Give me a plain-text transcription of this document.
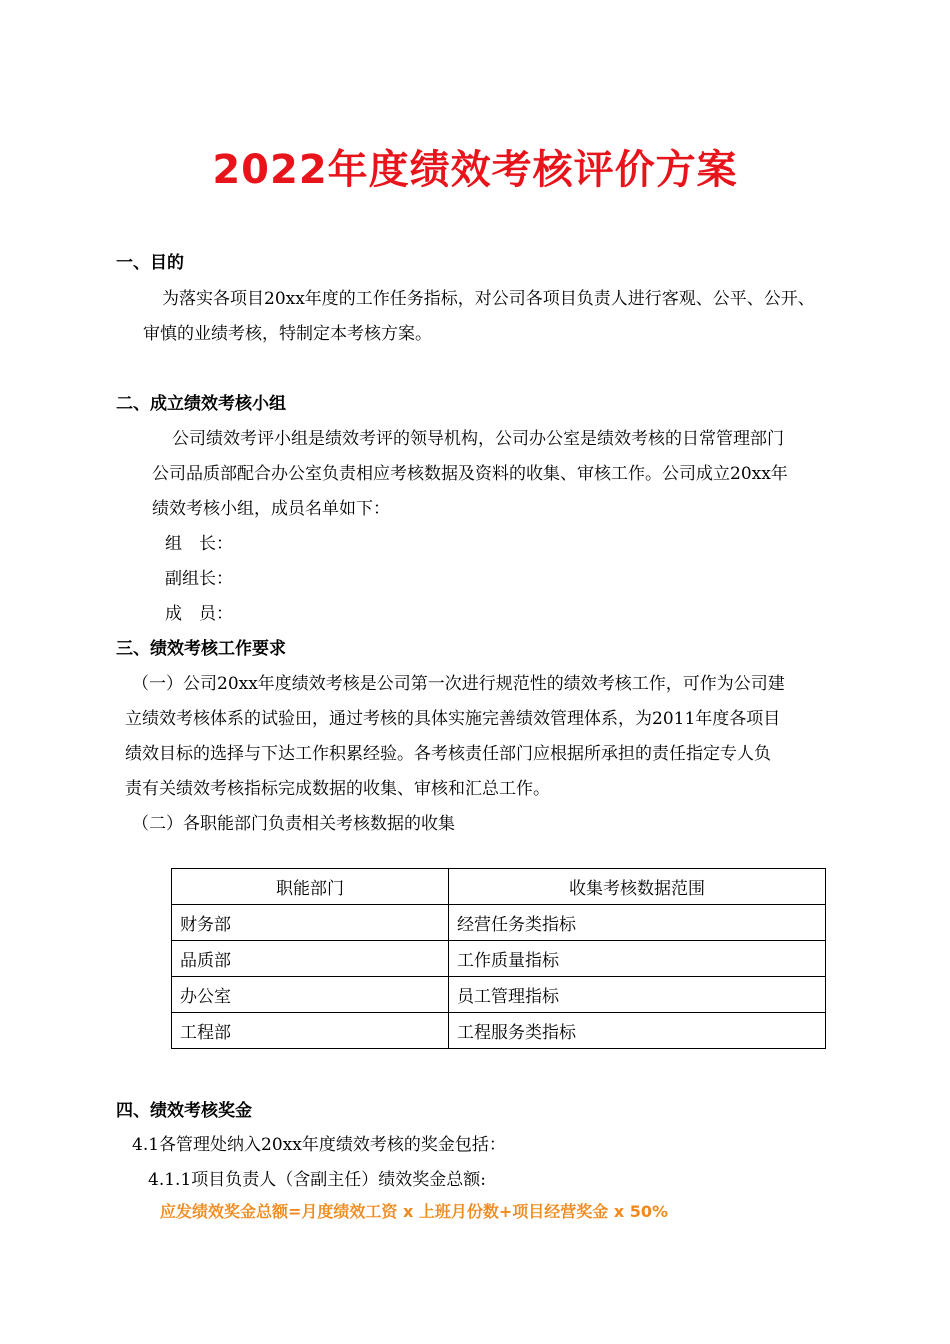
2022年度绩效考核评价方案
一、目的
为落实各项目20xx年度的工作任务指标，对公司各项目负责人进行客观、公平、公开、
审慎的业绩考核，特制定本考核方案。
二、成立绩效考核小组
公司绩效考评小组是绩效考评的领导机构，公司办公室是绩效考核的日常管理部门
公司品质部配合办公室负责相应考核数据及资料的收集、审核工作。公司成立20xx年
绩效考核小组，成员名单如下：
组　长：
副组长：
成　员：
三、绩效考核工作要求
（一）公司20xx年度绩效考核是公司第一次进行规范性的绩效考核工作，可作为公司建
立绩效考核体系的试验田，通过考核的具体实施完善绩效管理体系，为2011年度各项目
绩效目标的选择与下达工作积累经验。各考核责任部门应根据所承担的责任指定专人负
责有关绩效考核指标完成数据的收集、审核和汇总工作。
（二）各职能部门负责相关考核数据的收集
职能部门	收集考核数据范围
财务部	经营任务类指标
品质部	工作质量指标
办公室	员工管理指标
工程部	工程服务类指标
四、绩效考核奖金
4.1各管理处纳入20xx年度绩效考核的奖金包括：
4.1.1项目负责人（含副主任）绩效奖金总额:
应发绩效奖金总额=月度绩效工资 x 上班月份数+项目经营奖金 x 50%
